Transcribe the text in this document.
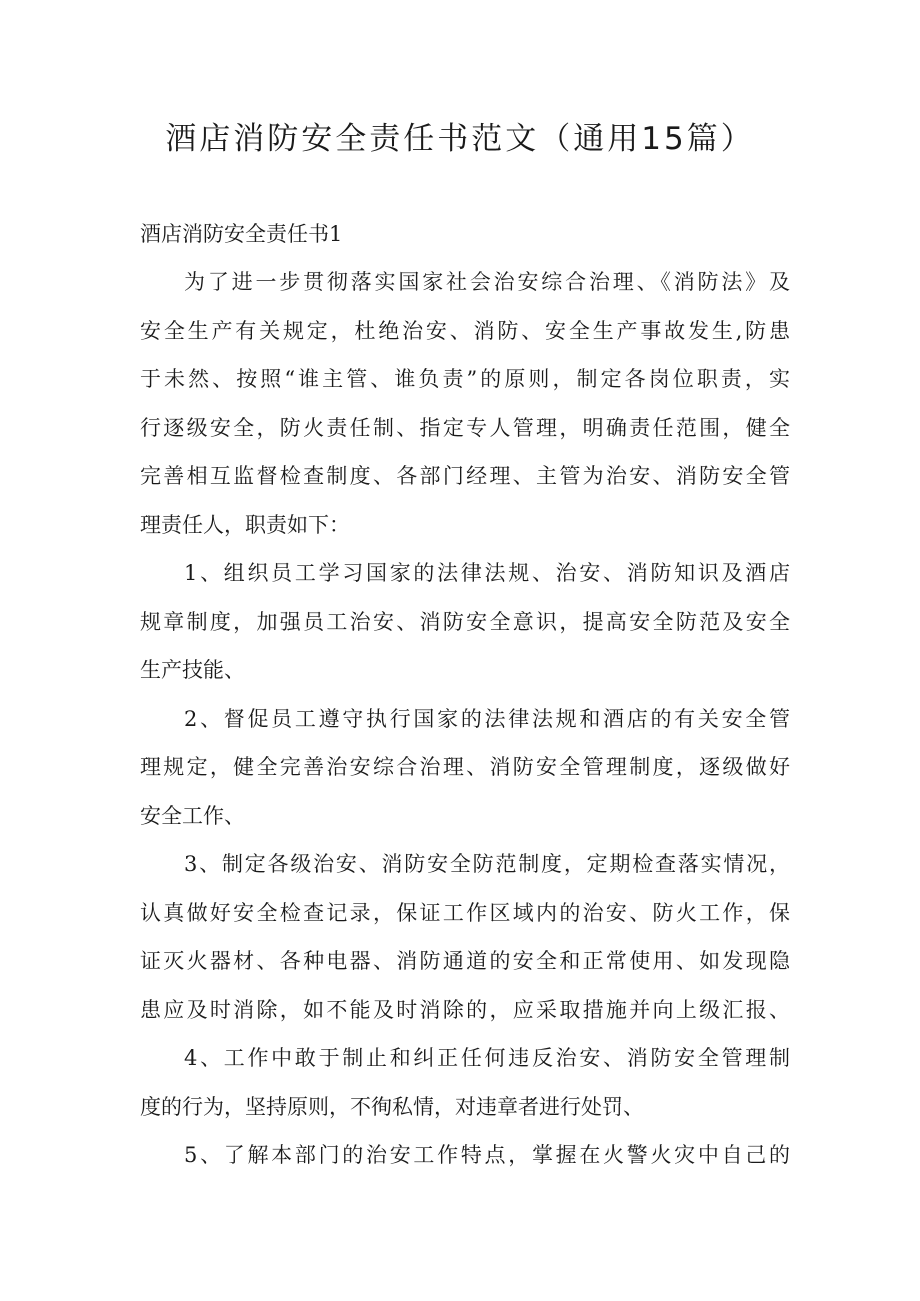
酒店消防安全责任书范文（通用15篇）
酒店消防安全责任书1

为了进一步贯彻落实国家社会治安综合治理、《消防法》及
安全生产有关规定，杜绝治安、消防、安全生产事故发生,防患
于未然、按照“谁主管、谁负责”的原则，制定各岗位职责，实
行逐级安全，防火责任制、指定专人管理，明确责任范围，健全
完善相互监督检查制度、各部门经理、主管为治安、消防安全管
理责任人，职责如下：

1、组织员工学习国家的法律法规、治安、消防知识及酒店
规章制度，加强员工治安、消防安全意识，提高安全防范及安全
生产技能、

2、督促员工遵守执行国家的法律法规和酒店的有关安全管
理规定，健全完善治安综合治理、消防安全管理制度，逐级做好
安全工作、

3、制定各级治安、消防安全防范制度，定期检查落实情况，
认真做好安全检查记录，保证工作区域内的治安、防火工作，保
证灭火器材、各种电器、消防通道的安全和正常使用、如发现隐
患应及时消除，如不能及时消除的，应采取措施并向上级汇报、

4、工作中敢于制止和纠正任何违反治安、消防安全管理制
度的行为，坚持原则，不徇私情，对违章者进行处罚、

5、了解本部门的治安工作特点，掌握在火警火灾中自己的
